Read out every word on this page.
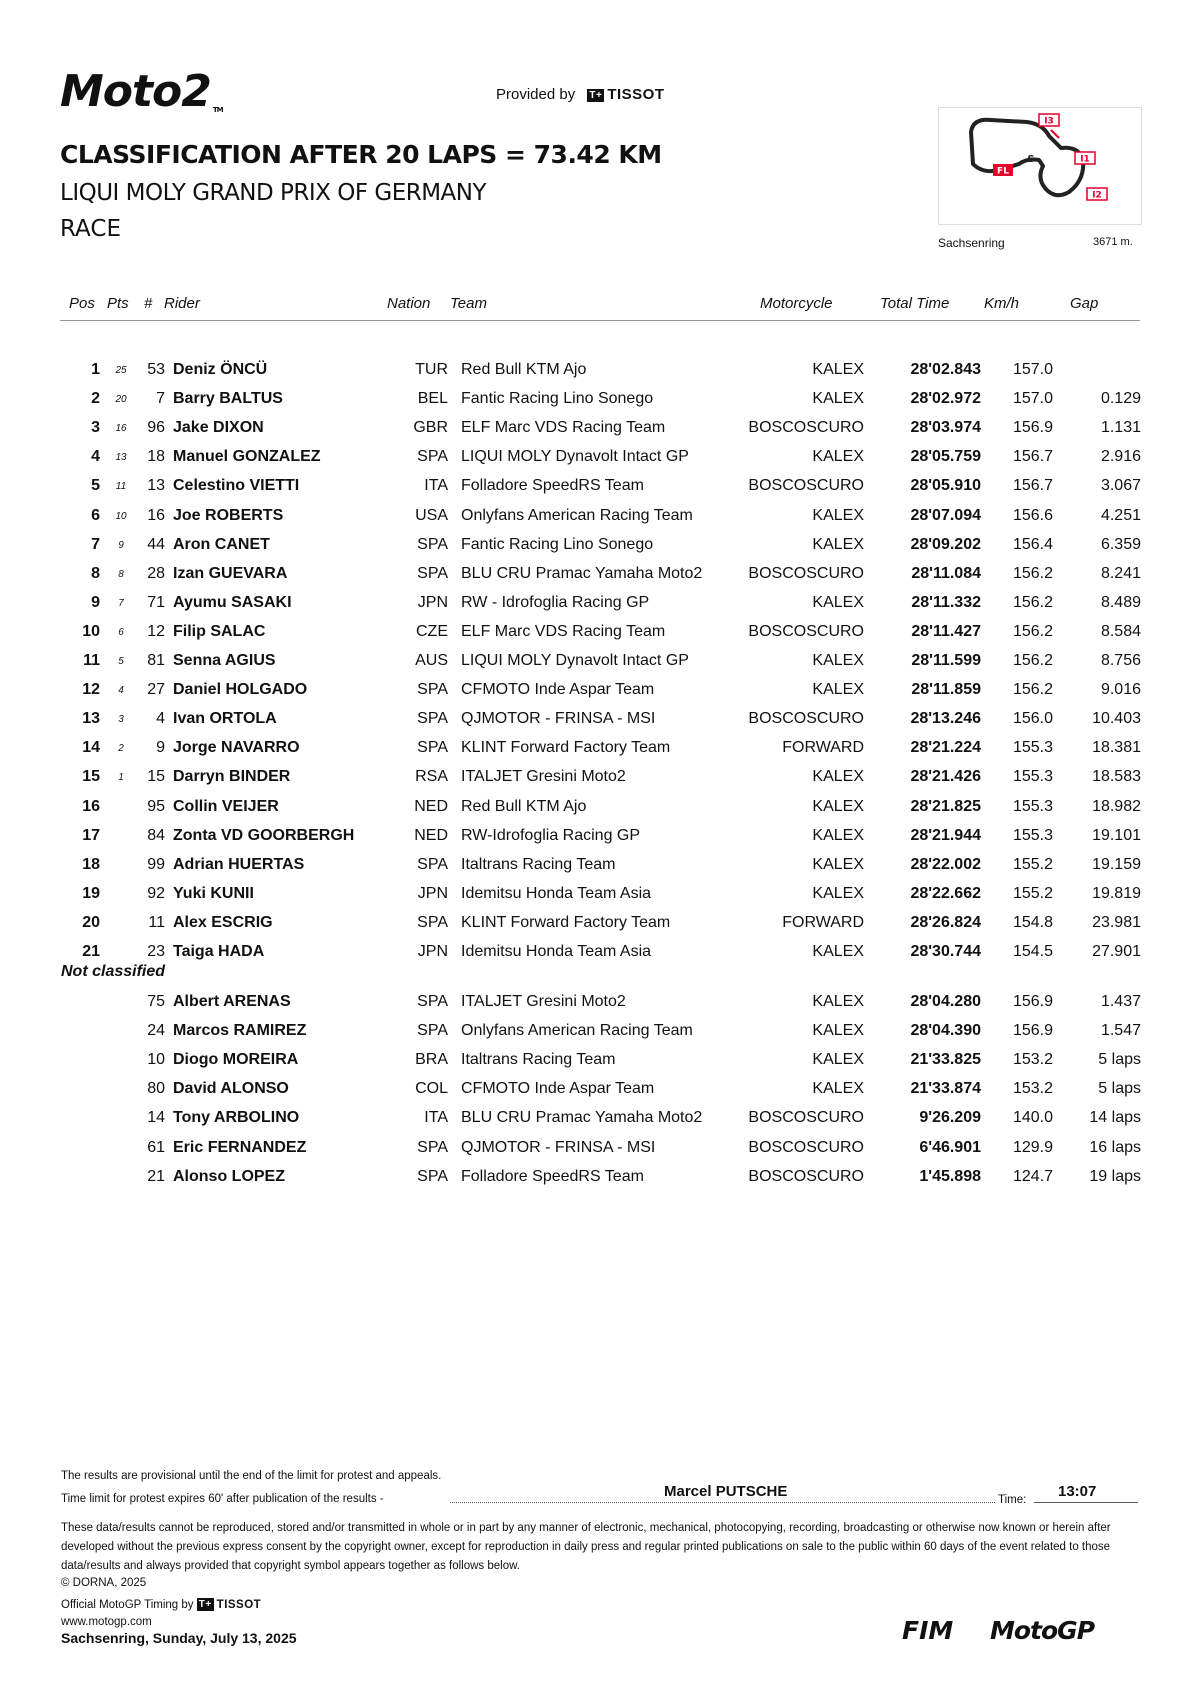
Moto2 TM
Provided by T+ TISSOT
CLASSIFICATION AFTER 20 LAPS = 73.42 KM
LIQUI MOLY GRAND PRIX OF GERMANY
RACE
I3
I1
I2
FL
S
Sachsenring	3671 m.
Pos Pts # Rider	Nation Team	Motorcycle	Total Time Km/h	Gap
1	25	53 Deniz ÖNCÜ	TUR Red Bull KTM Ajo	KALEX	28'02.843	157.0
2	20	7 Barry BALTUS	BEL Fantic Racing Lino Sonego	KALEX	28'02.972	157.0	0.129
3	16	96 Jake DIXON	GBR ELF Marc VDS Racing Team	BOSCOSCURO	28'03.974	156.9	1.131
4	13	18 Manuel GONZALEZ	SPA LIQUI MOLY Dynavolt Intact GP	KALEX	28'05.759	156.7	2.916
5	11	13 Celestino VIETTI	ITA Folladore SpeedRS Team	BOSCOSCURO	28'05.910	156.7	3.067
6	10	16 Joe ROBERTS	USA Onlyfans American Racing Team	KALEX	28'07.094	156.6	4.251
7	9	44 Aron CANET	SPA Fantic Racing Lino Sonego	KALEX	28'09.202	156.4	6.359
8	8	28 Izan GUEVARA	SPA BLU CRU Pramac Yamaha Moto2	BOSCOSCURO	28'11.084	156.2	8.241
9	7	71 Ayumu SASAKI	JPN RW - Idrofoglia Racing GP	KALEX	28'11.332	156.2	8.489
10	6	12 Filip SALAC	CZE ELF Marc VDS Racing Team	BOSCOSCURO	28'11.427	156.2	8.584
11	5	81 Senna AGIUS	AUS LIQUI MOLY Dynavolt Intact GP	KALEX	28'11.599	156.2	8.756
12	4	27 Daniel HOLGADO	SPA CFMOTO Inde Aspar Team	KALEX	28'11.859	156.2	9.016
13	3	4 Ivan ORTOLA	SPA QJMOTOR - FRINSA - MSI	BOSCOSCURO	28'13.246	156.0	10.403
14	2	9 Jorge NAVARRO	SPA KLINT Forward Factory Team	FORWARD	28'21.224	155.3	18.381
15	1	15 Darryn BINDER	RSA ITALJET Gresini Moto2	KALEX	28'21.426	155.3	18.583
16	95 Collin VEIJER	NED Red Bull KTM Ajo	KALEX	28'21.825	155.3	18.982
17	84 Zonta VD GOORBERGH	NED RW-Idrofoglia Racing GP	KALEX	28'21.944	155.3	19.101
18	99 Adrian HUERTAS	SPA Italtrans Racing Team	KALEX	28'22.002	155.2	19.159
19	92 Yuki KUNII	JPN Idemitsu Honda Team Asia	KALEX	28'22.662	155.2	19.819
20	11 Alex ESCRIG	SPA KLINT Forward Factory Team	FORWARD	28'26.824	154.8	23.981
21	23 Taiga HADA	JPN Idemitsu Honda Team Asia	KALEX	28'30.744	154.5	27.901
Not classified
75 Albert ARENAS	SPA ITALJET Gresini Moto2	KALEX	28'04.280	156.9	1.437
24 Marcos RAMIREZ	SPA Onlyfans American Racing Team	KALEX	28'04.390	156.9	1.547
10 Diogo MOREIRA	BRA Italtrans Racing Team	KALEX	21'33.825	153.2	5 laps
80 David ALONSO	COL CFMOTO Inde Aspar Team	KALEX	21'33.874	153.2	5 laps
14 Tony ARBOLINO	ITA BLU CRU Pramac Yamaha Moto2	BOSCOSCURO	9'26.209	140.0	14 laps
61 Eric FERNANDEZ	SPA QJMOTOR - FRINSA - MSI	BOSCOSCURO	6'46.901	129.9	16 laps
21 Alonso LOPEZ	SPA Folladore SpeedRS Team	BOSCOSCURO	1'45.898	124.7	19 laps
The results are provisional until the end of the limit for protest and appeals.
Time limit for protest expires 60' after publication of the results -	Marcel PUTSCHE	Time: 13:07
These data/results cannot be reproduced, stored and/or transmitted in whole or in part by any manner of electronic, mechanical, photocopying, recording, broadcasting or otherwise now known or herein after developed without the previous express consent by the copyright owner, except for reproduction in daily press and regular printed publications on sale to the public within 60 days of the event related to those data/results and always provided that copyright symbol appears together as follows below.
© DORNA, 2025
Official MotoGP Timing by T+ TISSOT
www.motogp.com
Sachsenring, Sunday, July 13, 2025	FIM MotoGP
